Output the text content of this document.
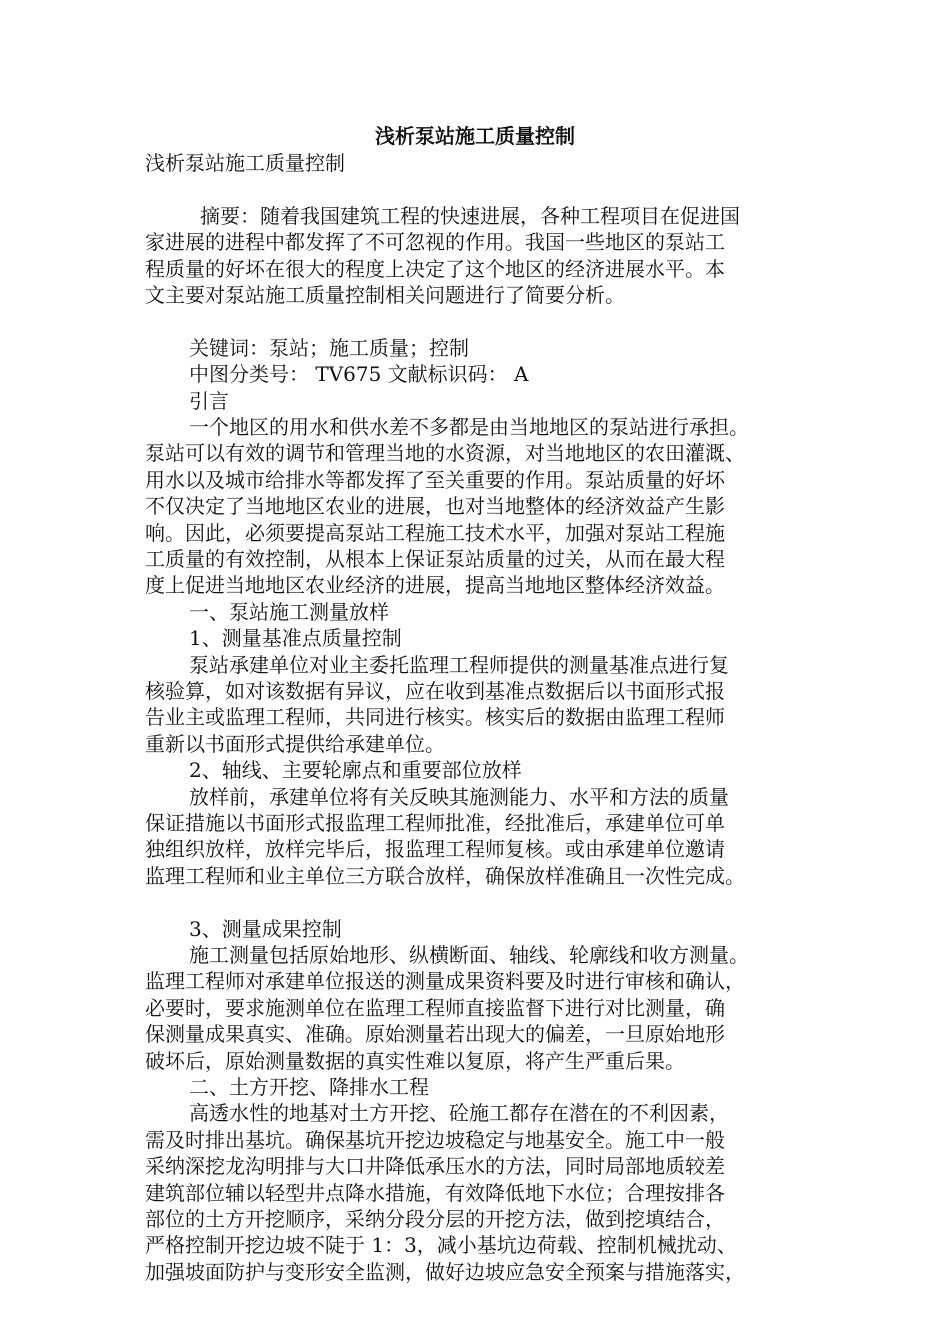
浅析泵站施工质量控制

浅析泵站施工质量控制

摘要：随着我国建筑工程的快速进展，各种工程项目在促进国

家进展的进程中都发挥了不可忽视的作用。我国一些地区的泵站工

程质量的好坏在很大的程度上决定了这个地区的经济进展水平。本

文主要对泵站施工质量控制相关问题进行了简要分析。

关键词：泵站；施工质量；控制

中图分类号： TV675 文献标识码： A

引言

一个地区的用水和供水差不多都是由当地地区的泵站进行承担。

泵站可以有效的调节和管理当地的水资源，对当地地区的农田灌溉、

用水以及城市给排水等都发挥了至关重要的作用。泵站质量的好坏

不仅决定了当地地区农业的进展，也对当地整体的经济效益产生影

响。因此，必须要提高泵站工程施工技术水平，加强对泵站工程施

工质量的有效控制，从根本上保证泵站质量的过关，从而在最大程

度上促进当地地区农业经济的进展，提高当地地区整体经济效益。

一、泵站施工测量放样

1、测量基准点质量控制

泵站承建单位对业主委托监理工程师提供的测量基准点进行复

核验算，如对该数据有异议，应在收到基准点数据后以书面形式报

告业主或监理工程师，共同进行核实。核实后的数据由监理工程师

重新以书面形式提供给承建单位。

2、轴线、主要轮廓点和重要部位放样

放样前，承建单位将有关反映其施测能力、水平和方法的质量

保证措施以书面形式报监理工程师批准，经批准后，承建单位可单

独组织放样，放样完毕后，报监理工程师复核。或由承建单位邀请

监理工程师和业主单位三方联合放样，确保放样准确且一次性完成。

3、测量成果控制

施工测量包括原始地形、纵横断面、轴线、轮廓线和收方测量。

监理工程师对承建单位报送的测量成果资料要及时进行审核和确认，

必要时，要求施测单位在监理工程师直接监督下进行对比测量，确

保测量成果真实、准确。原始测量若出现大的偏差，一旦原始地形

破坏后，原始测量数据的真实性难以复原，将产生严重后果。

二、土方开挖、降排水工程

高透水性的地基对土方开挖、砼施工都存在潜在的不利因素，

需及时排出基坑。确保基坑开挖边坡稳定与地基安全。施工中一般

采纳深挖龙沟明排与大口井降低承压水的方法，同时局部地质较差

建筑部位辅以轻型井点降水措施，有效降低地下水位；合理按排各

部位的土方开挖顺序，采纳分段分层的开挖方法，做到挖填结合，

严格控制开挖边坡不陡于 1：3，减小基坑边荷载、控制机械扰动、

加强坡面防护与变形安全监测，做好边坡应急安全预案与措施落实，
